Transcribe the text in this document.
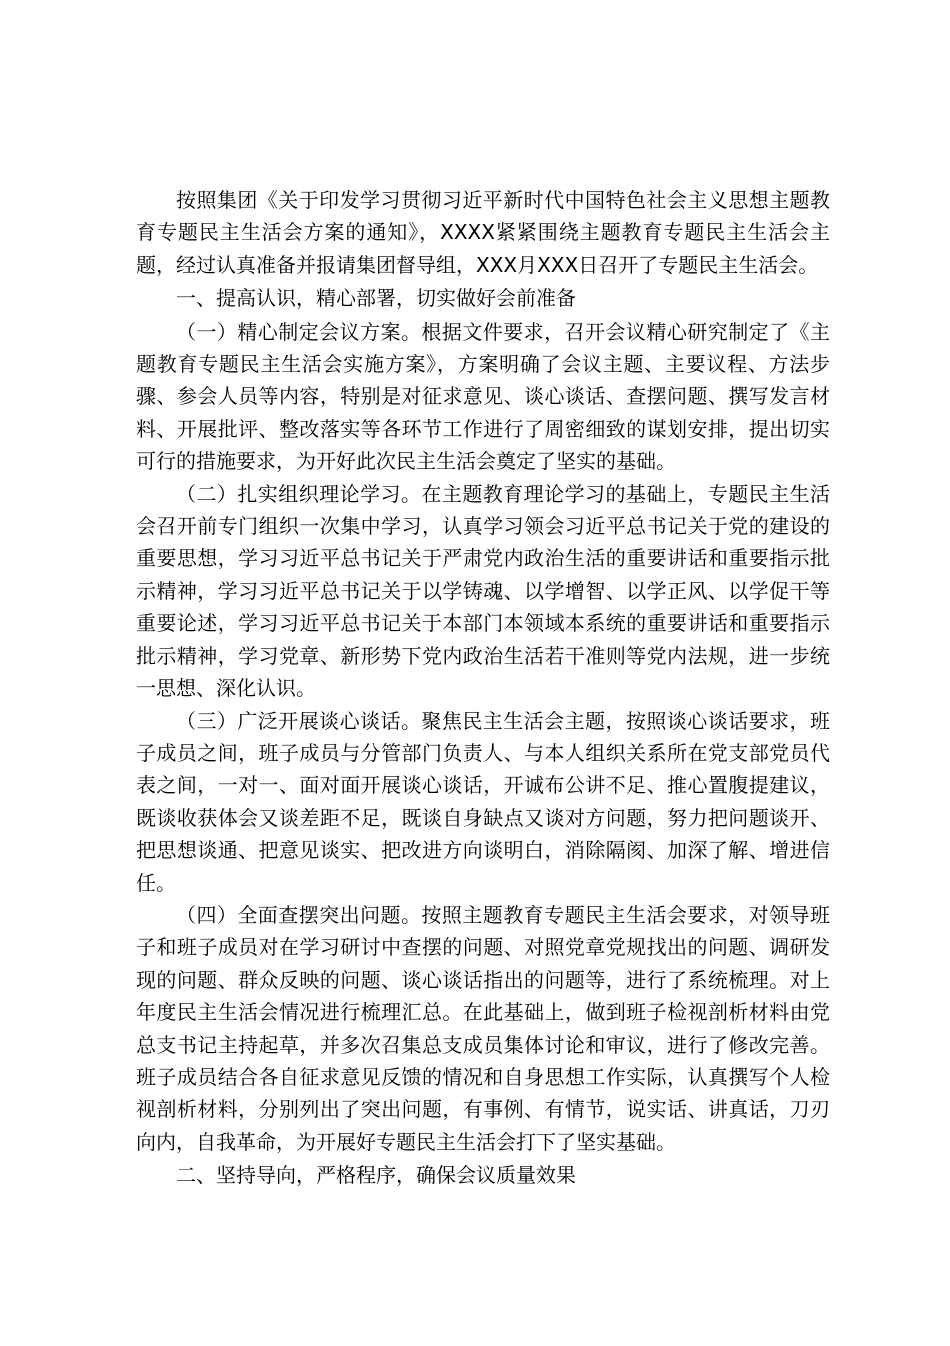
按照集团《关于印发学习贯彻习近平新时代中国特色社会主义思想主题教育专题民主生活会方案的通知》，XXXX紧紧围绕主题教育专题民主生活会主题，经过认真准备并报请集团督导组，XXX月XXX日召开了专题民主生活会。

一、提高认识，精心部署，切实做好会前准备

（一）精心制定会议方案。根据文件要求，召开会议精心研究制定了《主题教育专题民主生活会实施方案》，方案明确了会议主题、主要议程、方法步骤、参会人员等内容，特别是对征求意见、谈心谈话、查摆问题、撰写发言材料、开展批评、整改落实等各环节工作进行了周密细致的谋划安排，提出切实可行的措施要求，为开好此次民主生活会奠定了坚实的基础。

（二）扎实组织理论学习。在主题教育理论学习的基础上，专题民主生活会召开前专门组织一次集中学习，认真学习领会习近平总书记关于党的建设的重要思想，学习习近平总书记关于严肃党内政治生活的重要讲话和重要指示批示精神，学习习近平总书记关于以学铸魂、以学增智、以学正风、以学促干等重要论述，学习习近平总书记关于本部门本领域本系统的重要讲话和重要指示批示精神，学习党章、新形势下党内政治生活若干准则等党内法规，进一步统一思想、深化认识。

（三）广泛开展谈心谈话。聚焦民主生活会主题，按照谈心谈话要求，班子成员之间，班子成员与分管部门负责人、与本人组织关系所在党支部党员代表之间，一对一、面对面开展谈心谈话，开诚布公讲不足、推心置腹提建议，既谈收获体会又谈差距不足，既谈自身缺点又谈对方问题，努力把问题谈开、把思想谈通、把意见谈实、把改进方向谈明白，消除隔阂、加深了解、增进信任。

（四）全面查摆突出问题。按照主题教育专题民主生活会要求，对领导班子和班子成员对在学习研讨中查摆的问题、对照党章党规找出的问题、调研发现的问题、群众反映的问题、谈心谈话指出的问题等，进行了系统梳理。对上年度民主生活会情况进行梳理汇总。在此基础上，做到班子检视剖析材料由党总支书记主持起草，并多次召集总支成员集体讨论和审议，进行了修改完善。班子成员结合各自征求意见反馈的情况和自身思想工作实际，认真撰写个人检视剖析材料，分别列出了突出问题，有事例、有情节，说实话、讲真话，刀刃向内，自我革命，为开展好专题民主生活会打下了坚实基础。

二、坚持导向，严格程序，确保会议质量效果
